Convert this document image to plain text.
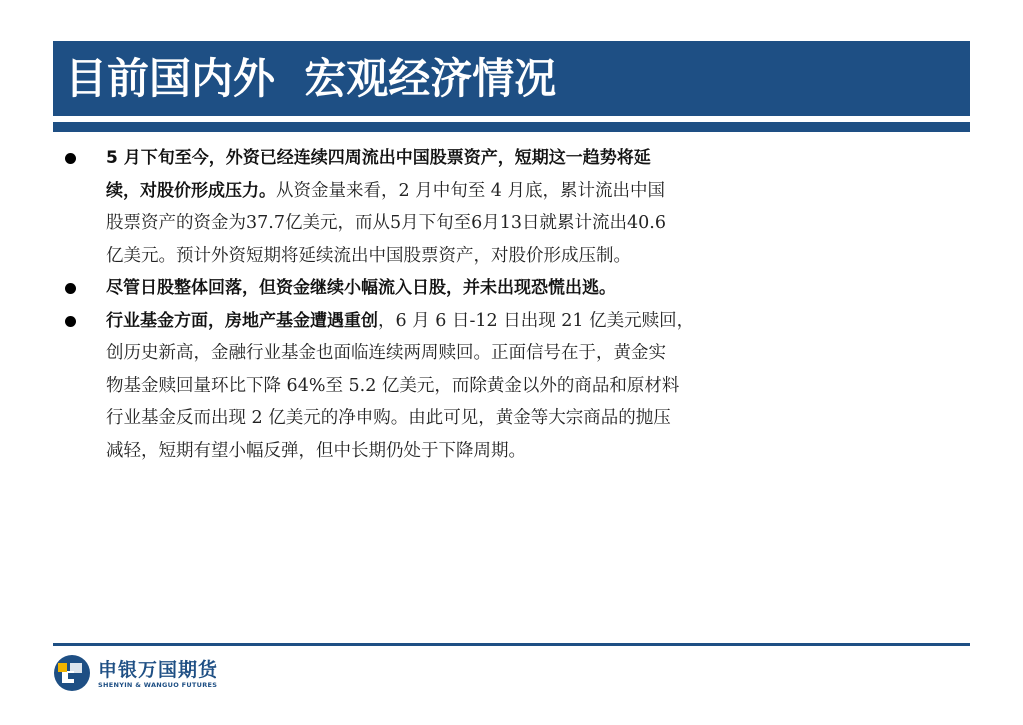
目前国内外  宏观经济情况
5 月下旬至今，外资已经连续四周流出中国股票资产，短期这一趋势将延
续，对股价形成压力。从资金量来看，2 月中旬至 4 月底，累计流出中国
股票资产的资金为37.7亿美元，而从5月下旬至6月13日就累计流出40.6
亿美元。预计外资短期将延续流出中国股票资产，对股价形成压制。
尽管日股整体回落，但资金继续小幅流入日股，并未出现恐慌出逃。
行业基金方面，房地产基金遭遇重创，6 月 6 日-12 日出现 21 亿美元赎回，
创历史新高，金融行业基金也面临连续两周赎回。正面信号在于，黄金实
物基金赎回量环比下降 64%至 5.2 亿美元，而除黄金以外的商品和原材料
行业基金反而出现 2 亿美元的净申购。由此可见，黄金等大宗商品的抛压
减轻，短期有望小幅反弹，但中长期仍处于下降周期。
申银万国期货
SHENYIN & WANGUO FUTURES
